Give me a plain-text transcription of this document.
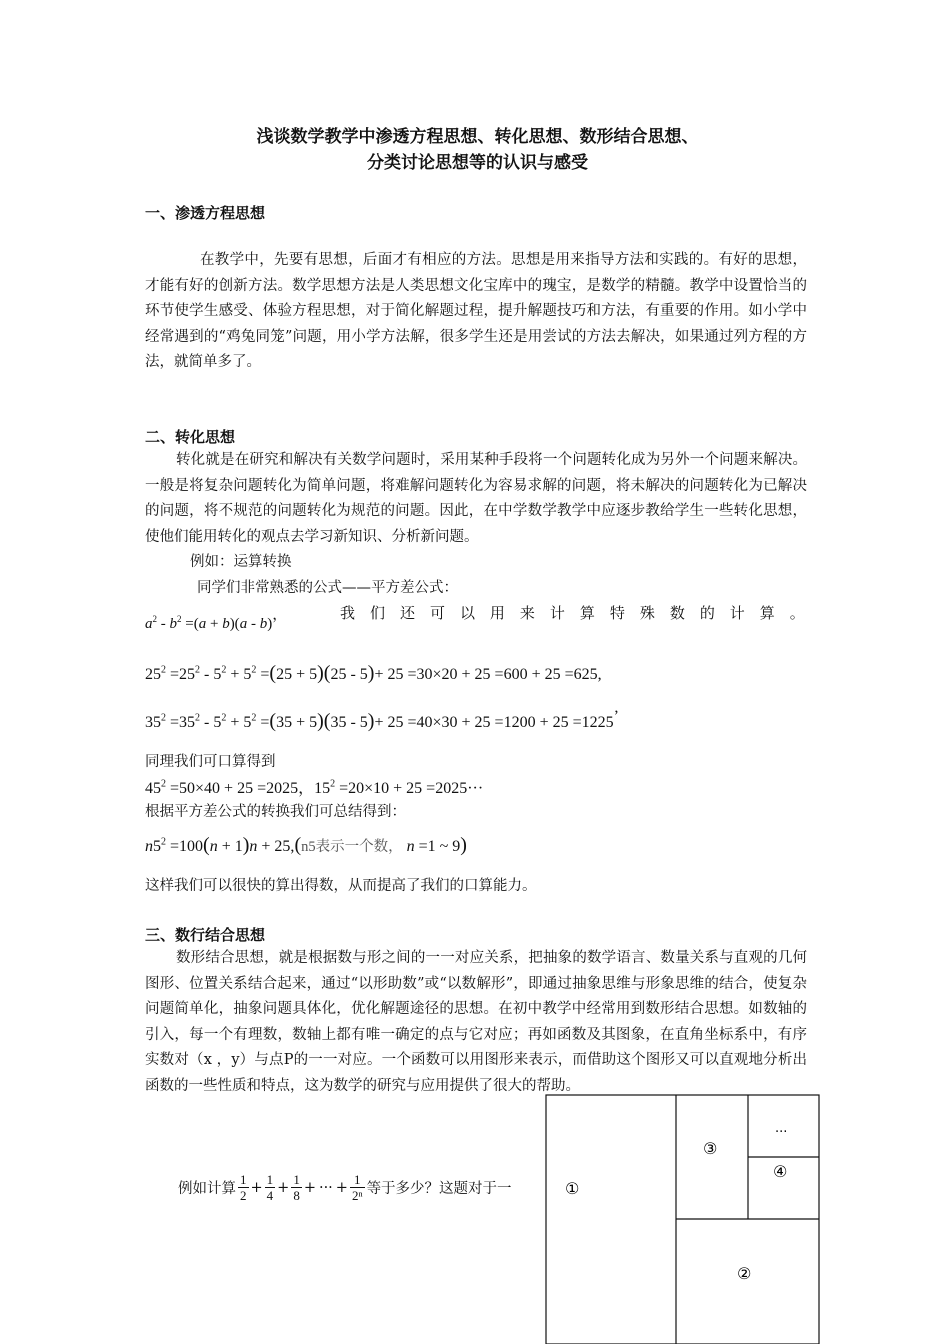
浅谈数学教学中渗透方程思想、转化思想、数形结合思想、
分类讨论思想等的认识与感受
一、渗透方程思想

在教学中，先要有思想，后面才有相应的方法。思想是用来指导方法和实践的。有好的思想，才能有好的创新方法。数学思想方法是人类思想文化宝库中的瑰宝，是数学的精髓。教学中设置恰当的环节使学生感受、体验方程思想，对于简化解题过程，提升解题技巧和方法，有重要的作用。如小学中经常遇到的“鸡兔同笼”问题，用小学方法解，很多学生还是用尝试的方法去解决，如果通过列方程的方法，就简单多了。

二、转化思想

转化就是在研究和解决有关数学问题时，采用某种手段将一个问题转化成为另外一个问题来解决。一般是将复杂问题转化为简单问题，将难解问题转化为容易求解的问题，将未解决的问题转化为已解决的问题，将不规范的问题转化为规范的问题。因此，在中学数学教学中应逐步教给学生一些转化思想，使他们能用转化的观点去学习新知识、分析新问题。

例如：运算转换
同学们非常熟悉的公式——平方差公式：
$a^2 - b^2 =(a + b)(a - b)$，	我 们 还 可 以 用 来 计 算 特 殊 数 的 计 算 。
$25^2 =25^2 - 5^2 + 5^2 =(25 + 5)(25 - 5)+ 25 =30\times 20 + 25 =600 + 25 =625$,
$35^2 =35^2 - 5^2 + 5^2 =(35 + 5)(35 - 5)+ 25 =40\times 30 + 25 =1200 + 25 =1225$’
同理我们可口算得到
$45^2 =50\times 40 + 25 =2025$，$15^2 =20\times 10 + 25 =2025\cdot\cdot\cdot$
根据平方差公式的转换我们可总结得到：
$n5^2 =100(n + 1)n + 25,(n5$表示一个数， n =1 ~ 9)
这样我们可以很快的算出得数，从而提高了我们的口算能力。
三、数行结合思想

数形结合思想，就是根据数与形之间的一一对应关系，把抽象的数学语言、数量关系与直观的几何图形、位置关系结合起来，通过“以形助数”或“以数解形”，即通过抽象思维与形象思维的结合，使复杂问题简单化，抽象问题具体化，优化解题途径的思想。在初中教学中经常用到数形结合思想。如数轴的引入，每一个有理数，数轴上都有唯一确定的点与它对应；再如函数及其图象，在直角坐标系中，有序实数对（x ，y）与点P的一一对应。一个函数可以用图形来表示，而借助这个图形又可以直观地分析出函数的一些性质和特点，这为数学的研究与应用提供了很大的帮助。

例如计算 $\frac{1}{2} + \frac{1}{4} + \frac{1}{8}$ + ··· + $\frac{1}{\text{2ⁿ}}$ 等于多少？这题对于一	①
③
④
···
②
